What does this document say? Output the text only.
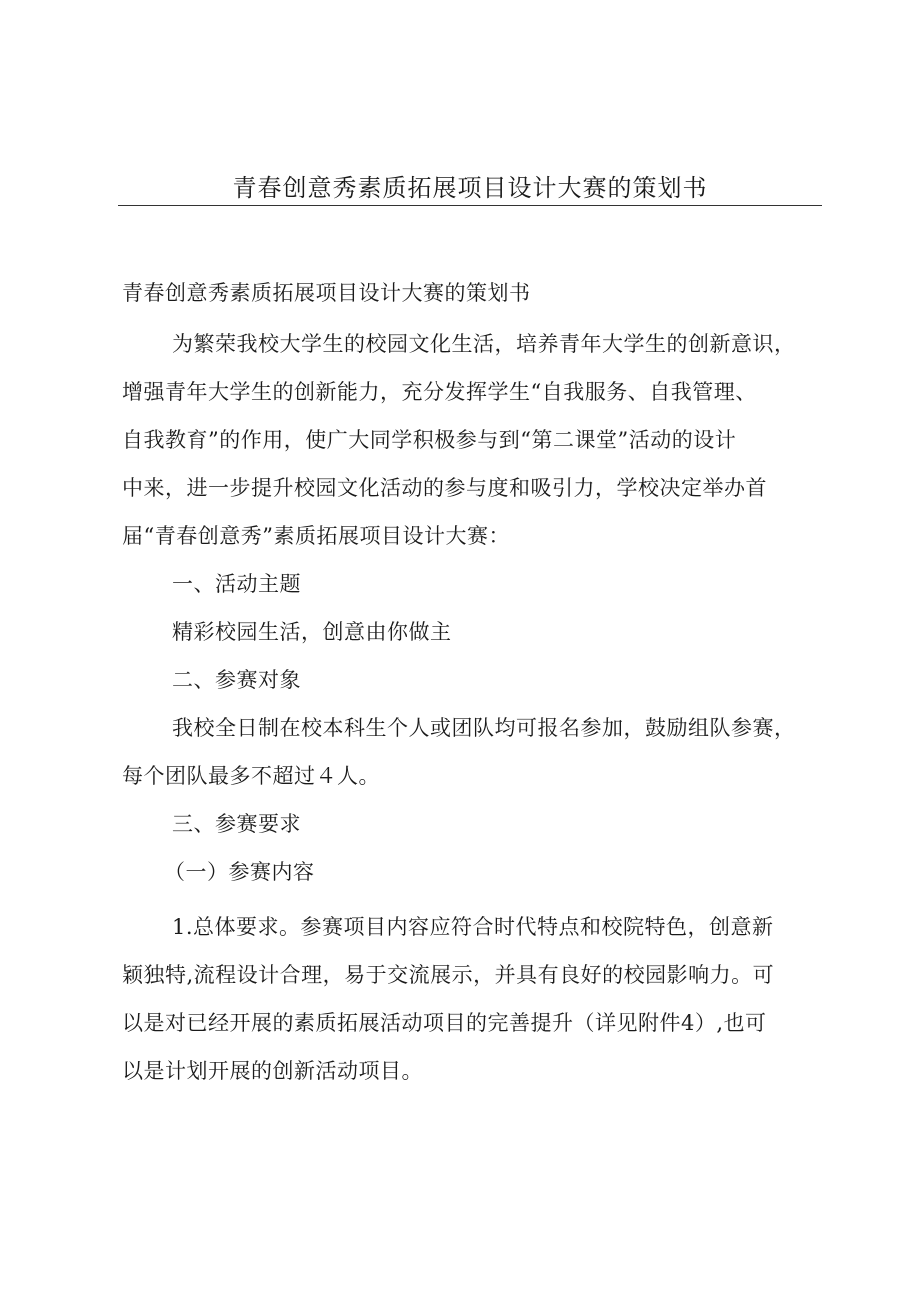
青春创意秀素质拓展项目设计大赛的策划书
青春创意秀素质拓展项目设计大赛的策划书
为繁荣我校大学生的校园文化生活，培养青年大学生的创新意识，
增强青年大学生的创新能力，充分发挥学生“自我服务、自我管理、
自我教育”的作用，使广大同学积极参与到“第二课堂”活动的设计
中来，进一步提升校园文化活动的参与度和吸引力，学校决定举办首
届“青春创意秀”素质拓展项目设计大赛：
一、活动主题
精彩校园生活，创意由你做主
二、参赛对象
我校全日制在校本科生个人或团队均可报名参加，鼓励组队参赛，
每个团队最多不超过４人。
三、参赛要求
（一）参赛内容
1.总体要求。参赛项目内容应符合时代特点和校院特色，创意新
颖独特,流程设计合理，易于交流展示，并具有良好的校园影响力。可
以是对已经开展的素质拓展活动项目的完善提升（详见附件4）,也可
以是计划开展的创新活动项目。
